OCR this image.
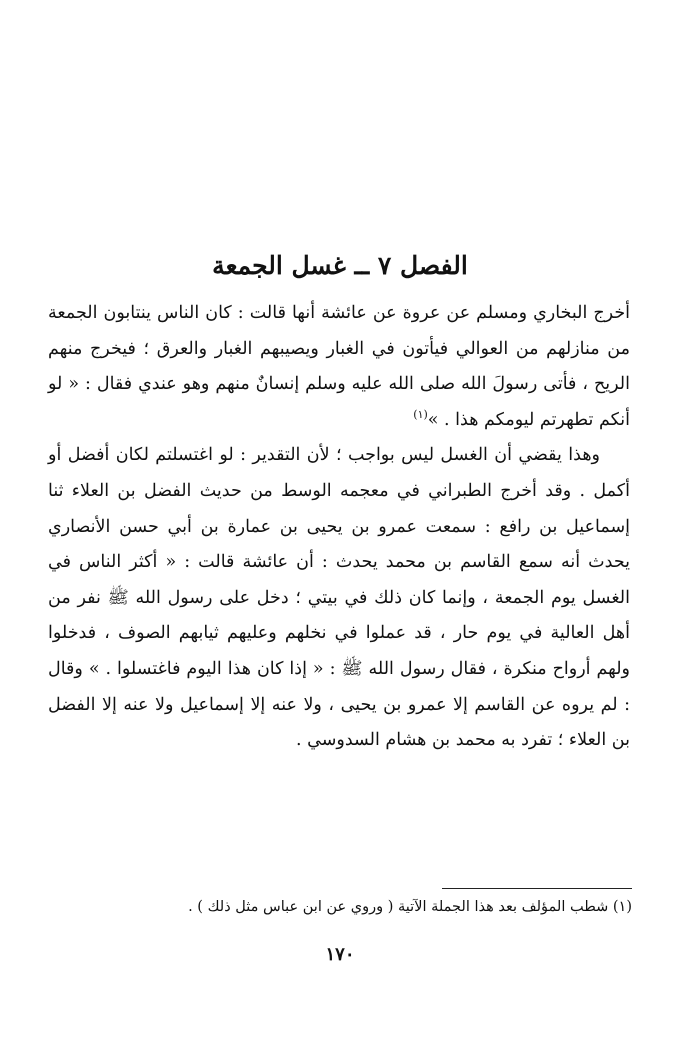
الفصل ٧ ــ غسل الجمعة

أخرج البخاري ومسلم عن عروة عن عائشة أنها قالت : كان الناس ينتابون الجمعة من منازلهم من العوالي فيأتون في الغبار ويصيبهم الغبار والعرق ؛ فيخرج منهم الريح ، فأتى رسولَ الله صلى الله عليه وسلم إنسانٌ منهم وهو عندي فقال : « لو أنكم تطهرتم ليومكم هذا . »$^{(١)}$

وهذا يقضي أن الغسل ليس بواجب ؛ لأن التقدير : لو اغتسلتم لكان أفضل أو أكمل . وقد أخرج الطبراني في معجمه الوسط من حديث الفضل بن العلاء ثنا إسماعيل بن رافع : سمعت عمرو بن يحيى بن عمارة بن أبي حسن الأنصاري يحدث أنه سمع القاسم بن محمد يحدث : أن عائشة قالت : « أكثر الناس في الغسل يوم الجمعة ، وإنما كان ذلك في بيتي ؛ دخل على رسول الله ﷺ نفر من أهل العالية في يوم حار ، قد عملوا في نخلهم وعليهم ثيابهم الصوف ، فدخلوا ولهم أرواح منكرة ، فقال رسول الله ﷺ : « إذا كان هذا اليوم فاغتسلوا . » وقال : لم يروه عن القاسم إلا عمرو بن يحيى ، ولا عنه إلا إسماعيل ولا عنه إلا الفضل بن العلاء ؛ تفرد به محمد بن هشام السدوسي .

(١) شطب المؤلف بعد هذا الجملة الآتية ( وروي عن ابن عباس مثل ذلك ) .
١٧٠
